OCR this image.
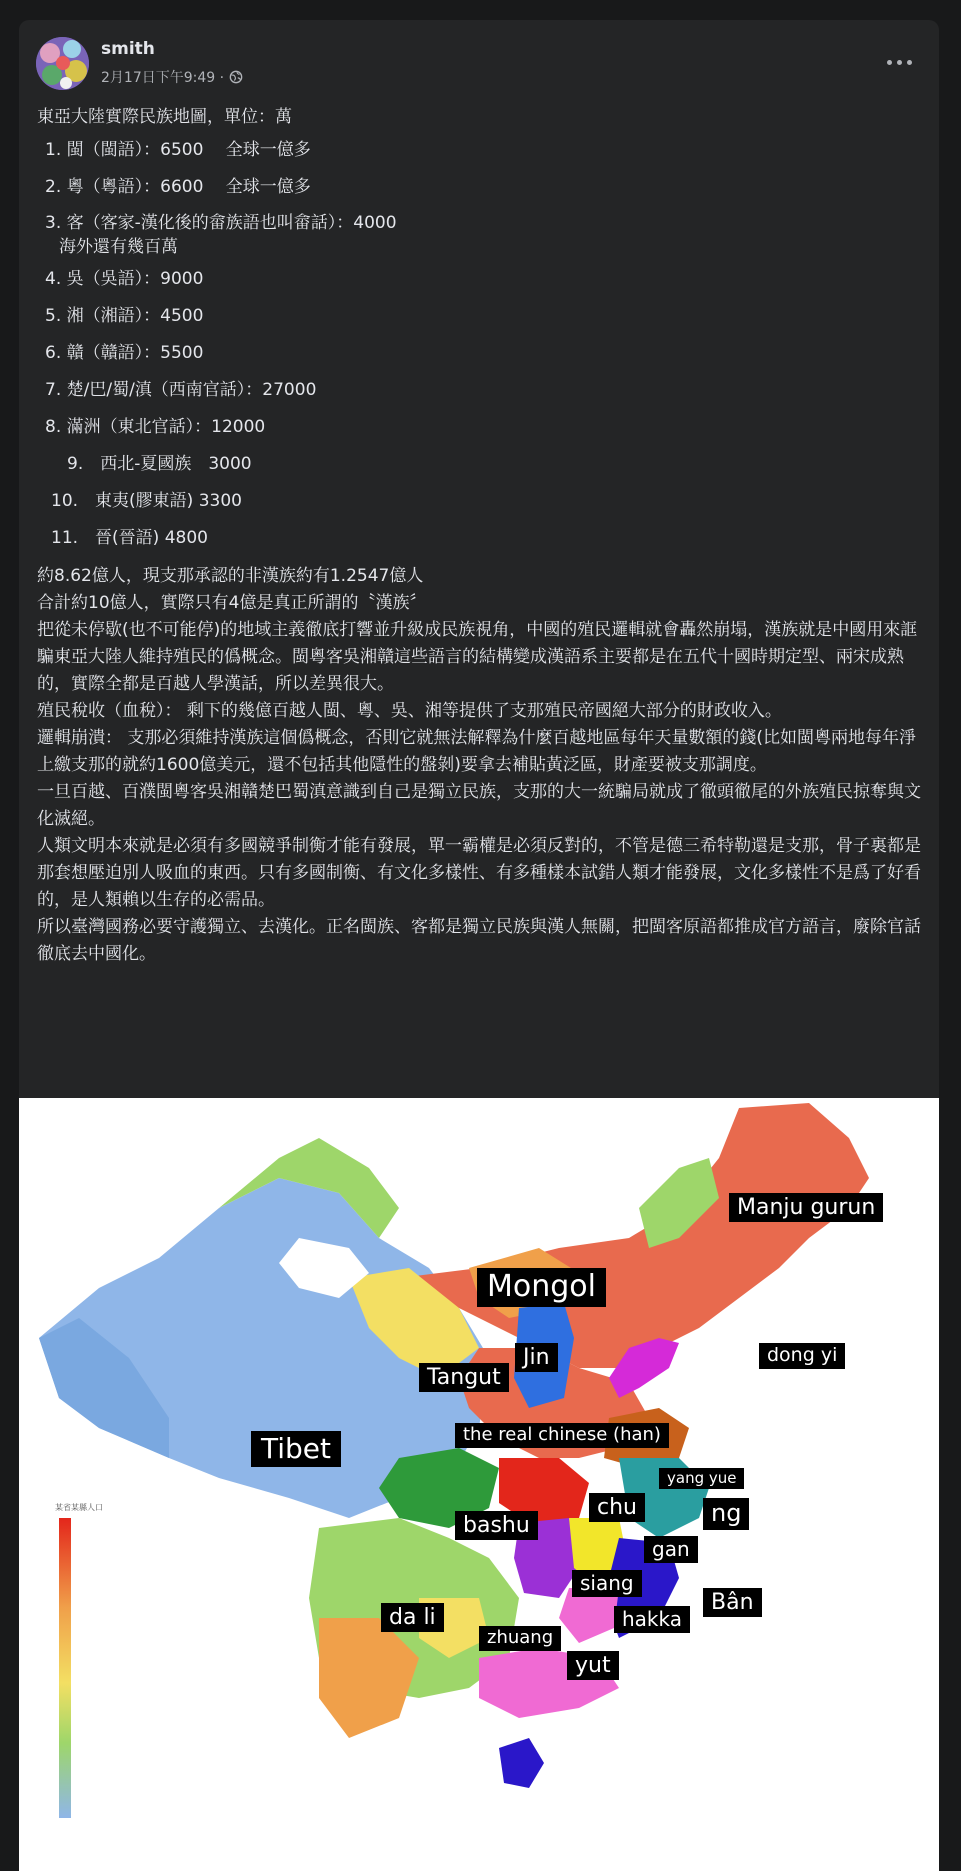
smith
2月17日下午9:49 ·
東亞大陸實際民族地圖，單位：萬
1. 閩（閩語）：6500　 全球一億多
2. 粵（粵語）：6600　 全球一億多
3. 客（客家-漢化後的畲族語也叫畲話）：4000
海外還有幾百萬
4. 吳（吳語）：9000
5. 湘（湘語）：4500
6. 贛（贛語）：5500
7. 楚/巴/蜀/滇（西南官話）：27000
8. 滿洲（東北官話）：12000
9.　西北-夏國族　3000
10.　東夷(膠東語) 3300
11.　晉(晉語) 4800

約8.62億人，現支那承認的非漢族約有1.2547億人

合計約10億人，實際只有4億是真正所謂的〝漢族〞
把從未停歇(也不可能停)的地域主義徹底打響並升級成民族視角，中國的殖民邏輯就會轟然崩塌，漢族就是中國用來誆騙東亞大陸人維持殖民的僞概念。閩粵客吳湘贛這些語言的結構變成漢語系主要都是在五代十國時期定型、兩宋成熟的，實際全都是百越人學漢話，所以差異很大。

殖民稅收（血稅）： 剩下的幾億百越人閩、粵、吳、湘等提供了支那殖民帝國絕大部分的財政收入。

邏輯崩潰： 支那必須維持漢族這個僞概念，否則它就無法解釋為什麼百越地區每年天量數額的錢(比如閩粵兩地每年淨上繳支那的就約1600億美元，還不包括其他隱性的盤剝)要拿去補貼黃泛區，財產要被支那調度。

一旦百越、百濮閩粵客吳湘贛楚巴蜀滇意識到自己是獨立民族，支那的大一統騙局就成了徹頭徹尾的外族殖民掠奪與文化滅絕。

人類文明本來就是必須有多國競爭制衡才能有發展，單一霸權是必須反對的，不管是德三希特勒還是支那，骨子裏都是那套想壓迫別人吸血的東西。只有多國制衡、有文化多樣性、有多種樣本試錯人類才能發展，文化多樣性不是爲了好看的，是人類賴以生存的必需品。

所以臺灣國務必要守護獨立、去漢化。正名閩族、客都是獨立民族與漢人無關，把閩客原語都推成官方語言，廢除官話徹底去中國化。

某省某縣人口
Manju gurun
Mongol
Jin	dong yi
Tangut
the real chinese (han)
Tibet
yang yue
chu	ng
bashu
gan
siang
Bân
da li	hakka
zhuang
yut
